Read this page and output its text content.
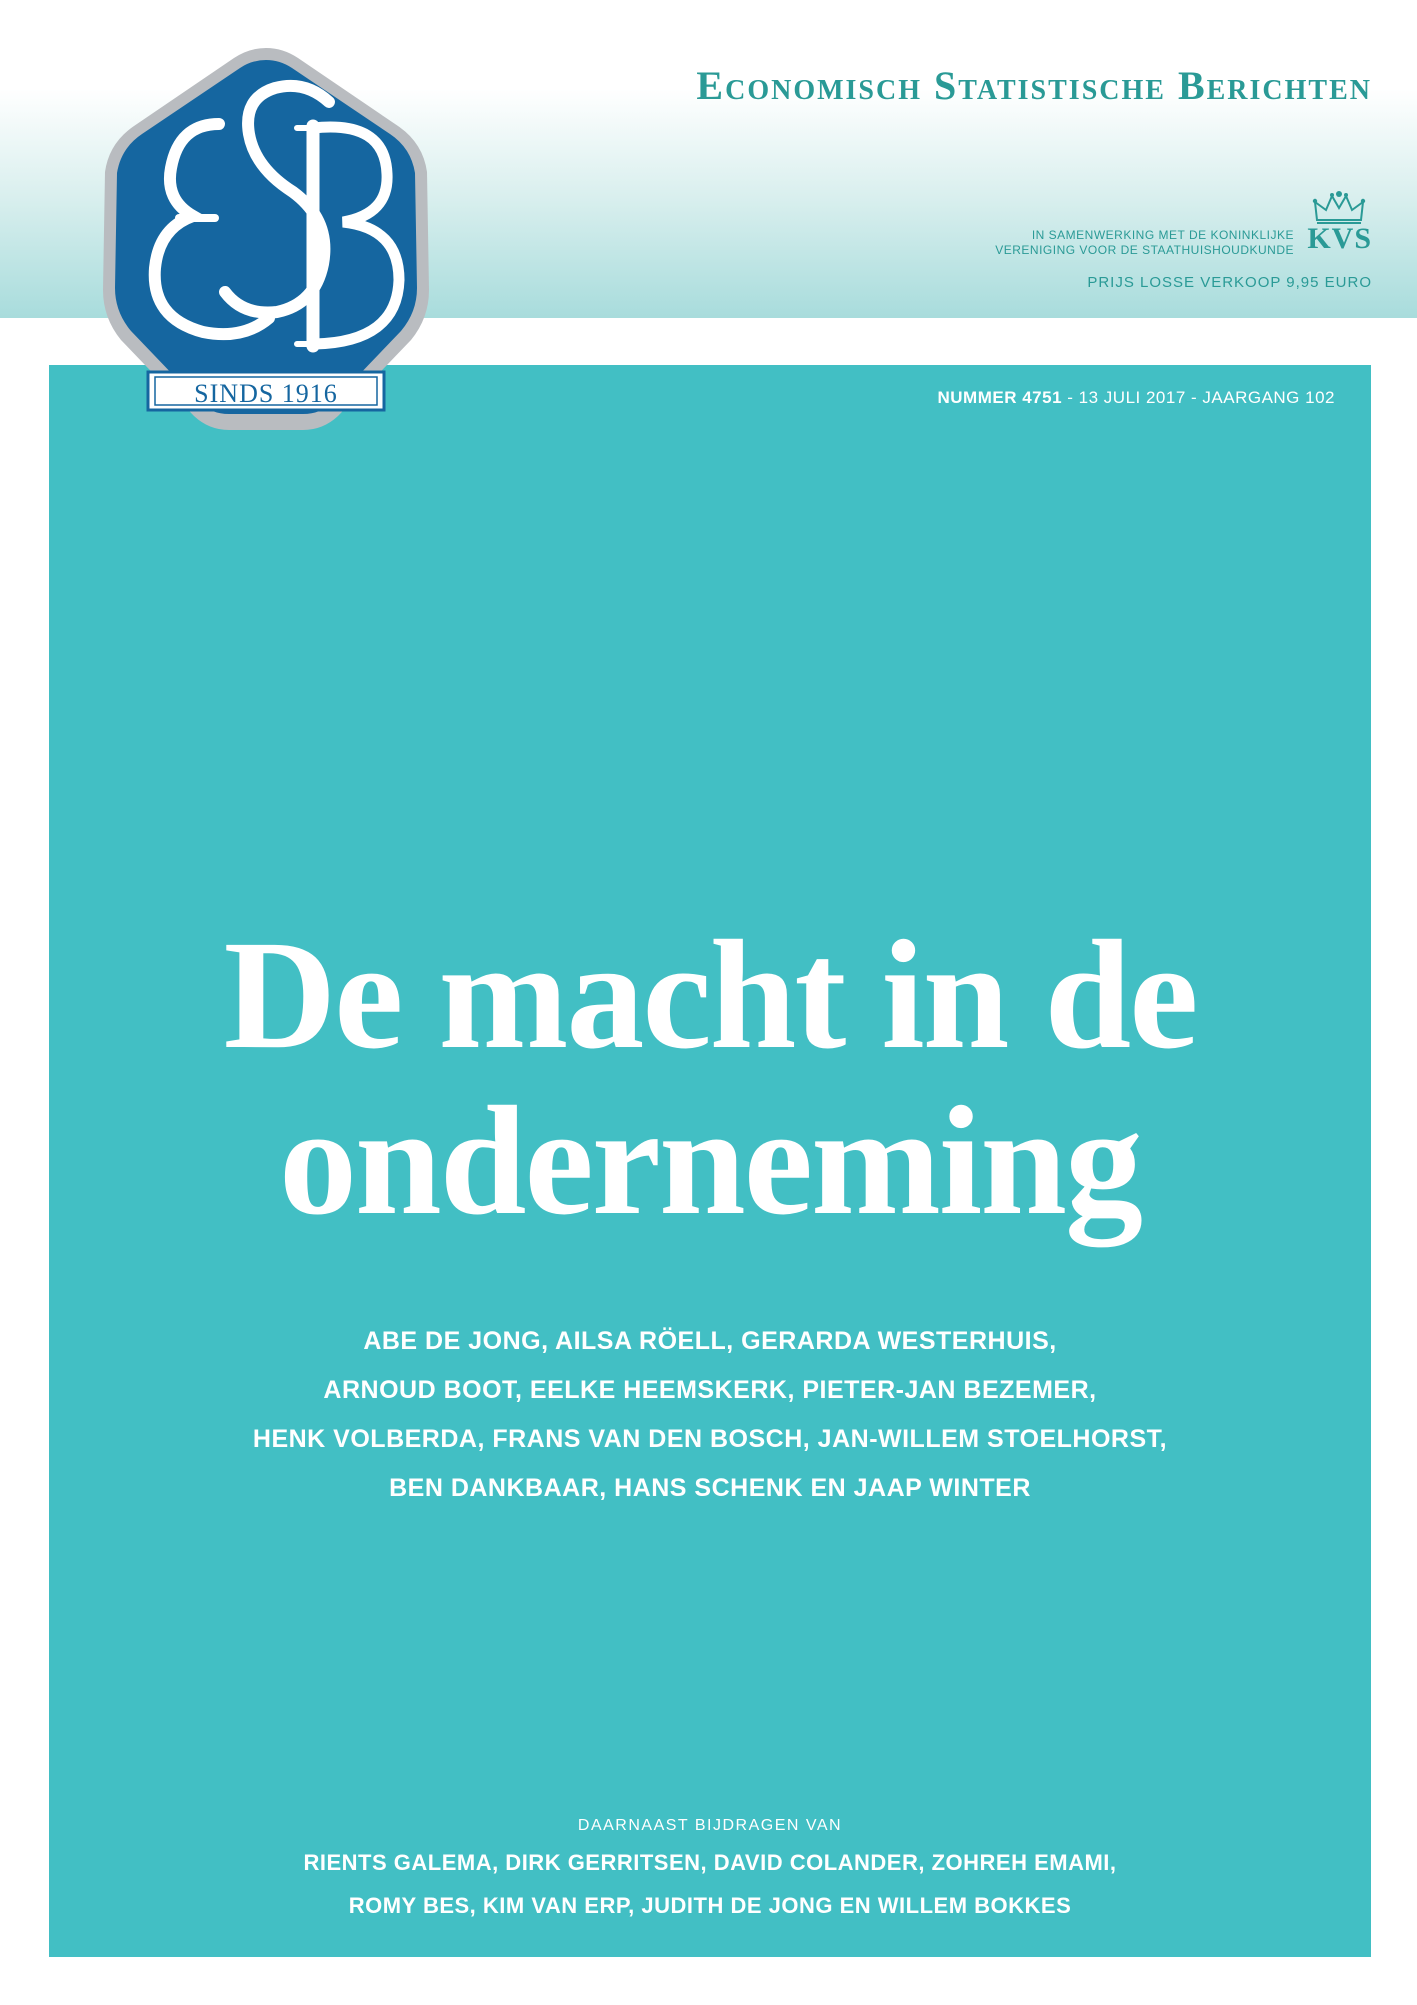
Economisch Statistische Berichten
IN SAMENWERKING MET DE KONINKLIJKE
VERENIGING VOOR DE STAATHUISHOUDKUNDE KVS
PRIJS LOSSE VERKOOP 9,95 EURO
NUMMER 4751 - 13 JULI 2017 - JAARGANG 102
SINDS 1916
De macht in de
onderneming
ABE DE JONG, AILSA RÖELL, GERARDA WESTERHUIS,
ARNOUD BOOT, EELKE HEEMSKERK, PIETER-JAN BEZEMER,
HENK VOLBERDA, FRANS VAN DEN BOSCH, JAN-WILLEM STOELHORST,
BEN DANKBAAR, HANS SCHENK EN JAAP WINTER
DAARNAAST BIJDRAGEN VAN
RIENTS GALEMA, DIRK GERRITSEN, DAVID COLANDER, ZOHREH EMAMI,
ROMY BES, KIM VAN ERP, JUDITH DE JONG EN WILLEM BOKKES
